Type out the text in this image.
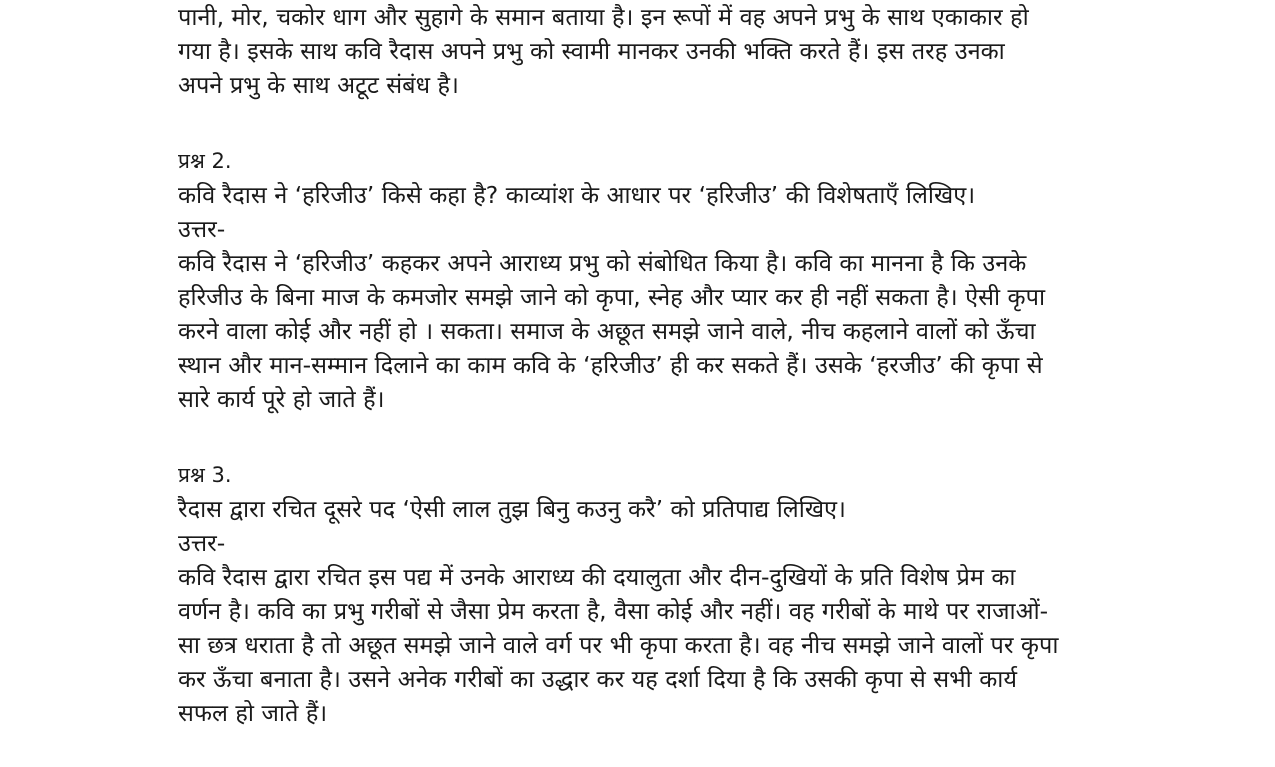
पानी, मोर, चकोर धाग और सुहागे के समान बताया है। इन रूपों में वह अपने प्रभु के साथ एकाकार हो
गया है। इसके साथ कवि रैदास अपने प्रभु को स्वामी मानकर उनकी भक्ति करते हैं। इस तरह उनका
अपने प्रभु के साथ अटूट संबंध है।
प्रश्न 2.
कवि रैदास ने ‘हरिजीउ’ किसे कहा है? काव्यांश के आधार पर ‘हरिजीउ’ की विशेषताएँ लिखिए।
उत्तर-
कवि रैदास ने ‘हरिजीउ’ कहकर अपने आराध्य प्रभु को संबोधित किया है। कवि का मानना है कि उनके
हरिजीउ के बिना माज के कमजोर समझे जाने को कृपा, स्नेह और प्यार कर ही नहीं सकता है। ऐसी कृपा
करने वाला कोई और नहीं हो । सकता। समाज के अछूत समझे जाने वाले, नीच कहलाने वालों को ऊँचा
स्थान और मान-सम्मान दिलाने का काम कवि के ‘हरिजीउ’ ही कर सकते हैं। उसके ‘हरजीउ’ की कृपा से
सारे कार्य पूरे हो जाते हैं।
प्रश्न 3.
रैदास द्वारा रचित दूसरे पद ‘ऐसी लाल तुझ बिनु कउनु करै’ को प्रतिपाद्य लिखिए।
उत्तर-
कवि रैदास द्वारा रचित इस पद्य में उनके आराध्य की दयालुता और दीन-दुखियों के प्रति विशेष प्रेम का
वर्णन है। कवि का प्रभु गरीबों से जैसा प्रेम करता है, वैसा कोई और नहीं। वह गरीबों के माथे पर राजाओं-
सा छत्र धराता है तो अछूत समझे जाने वाले वर्ग पर भी कृपा करता है। वह नीच समझे जाने वालों पर कृपा
कर ऊँचा बनाता है। उसने अनेक गरीबों का उद्धार कर यह दर्शा दिया है कि उसकी कृपा से सभी कार्य
सफल हो जाते हैं।
